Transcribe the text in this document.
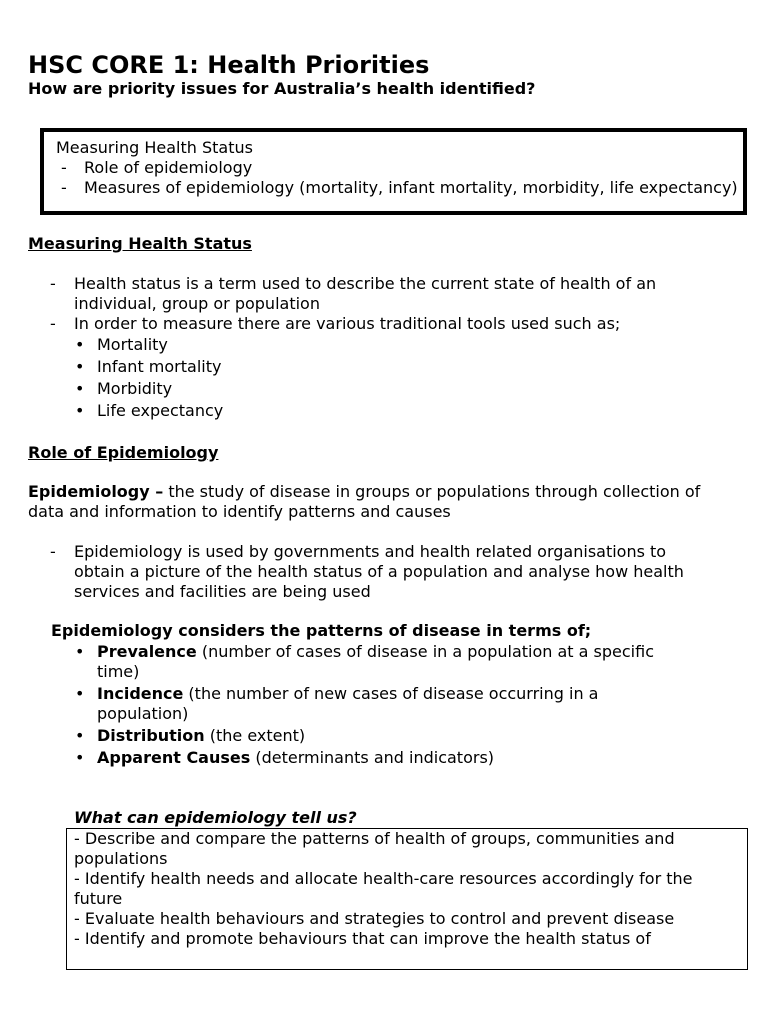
HSC CORE 1: Health Priorities
How are priority issues for Australia’s health identified?
Measuring Health Status
- Role of epidemiology
- Measures of epidemiology (mortality, infant mortality, morbidity, life expectancy)
Measuring Health Status
- Health status is a term used to describe the current state of health of an individual, group or population
- In order to measure there are various traditional tools used such as;
• Mortality
• Infant mortality
• Morbidity
• Life expectancy
Role of Epidemiology
Epidemiology – the study of disease in groups or populations through collection of data and information to identify patterns and causes
- Epidemiology is used by governments and health related organisations to obtain a picture of the health status of a population and analyse how health services and facilities are being used
Epidemiology considers the patterns of disease in terms of;
• Prevalence (number of cases of disease in a population at a specific time)
• Incidence (the number of new cases of disease occurring in a population)
• Distribution (the extent)
• Apparent Causes (determinants and indicators)
What can epidemiology tell us?
- Describe and compare the patterns of health of groups, communities and populations
- Identify health needs and allocate health-care resources accordingly for the future
- Evaluate health behaviours and strategies to control and prevent disease
- Identify and promote behaviours that can improve the health status of
